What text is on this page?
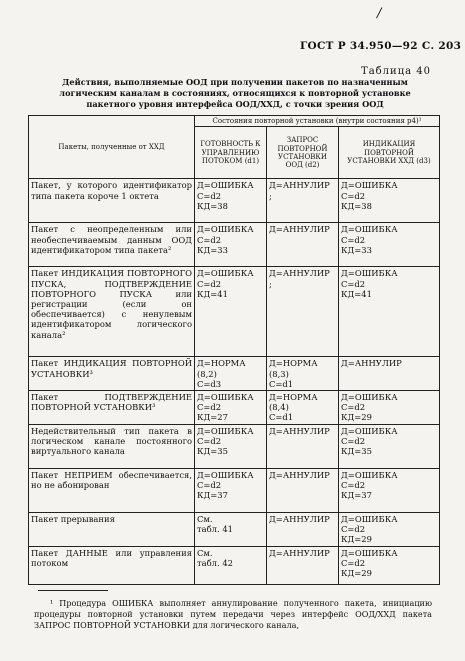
/
ГОСТ Р 34.950—92 С. 203
Таблица 40
Действия, выполняемые ООД при получении пакетов по назначенным логическим каналам в состояниях, относящихся к повторной установке пакетного уровня интерфейса ООД/ХХД, с точки зрения ООД
Пакеты, полученные от ХХД	Состояния повторной установки (внутри состояния p4)¹		
	ГОТОВНОСТЬ К УПРАВЛЕНИЮ ПОТОКОМ (d1)	ЗАПРОС ПОВТОРНОЙ УСТАНОВКИ ООД (d2)	ИНДИКАЦИЯ ПОВТОРНОЙ УСТАНОВКИ ХХД (d3)
Пакет, у которого идентификатор типа пакета короче 1 октета	Д=ОШИБКА
С=d2
КД=38	Д=АННУЛИР
;	Д=ОШИБКА
С=d2
КД=38

Пакет с неопределенным или необеспечиваемым данным ООД идентификатором типа пакета²	Д=ОШИБКА
С=d2
КД=33	Д=АННУЛИР	Д=ОШИБКА
С=d2
КД=33

Пакет ИНДИКАЦИЯ ПОВТОРНОГО ПУСКА, ПОДТВЕРЖДЕНИЕ ПОВТОРНОГО ПУСКА или регистрации (если он обеспечивается) с ненулевым идентификатором логического канала²	Д=ОШИБКА
С=d2
КД=41	Д=АННУЛИР
;	Д=ОШИБКА
С=d2
КД=41

Пакет ИНДИКАЦИЯ ПОВТОРНОЙ УСТАНОВКИ³	Д=НОРМА
(8,2)
С=d3	Д=НОРМА
(8,3)
С=d1	Д=АННУЛИР

Пакет ПОДТВЕРЖДЕНИЕ ПОВТОРНОЙ УСТАНОВКИ³	Д=ОШИБКА
С=d2
КД=27	Д=НОРМА
(8,4)
С=d1	Д=ОШИБКА
С=d2
КД=29

Недействительный тип пакета в логическом канале постоянного виртуального канала	Д=ОШИБКА
С=d2
КД=35	Д=АННУЛИР	Д=ОШИБКА
С=d2
КД=35

Пакет НЕПРИЕМ обеспечивается, но не абонирован	Д=ОШИБКА
С=d2
КД=37	Д=АННУЛИР	Д=ОШИБКА
С=d2
КД=37

Пакет прерывания	См.
табл. 41	Д=АННУЛИР	Д=ОШИБКА
С=d2
КД=29

Пакет ДАННЫЕ или управления потоком	См.
табл. 42	Д=АННУЛИР	Д=ОШИБКА
С=d2
КД=29
¹ Процедура ОШИБКА выполняет аннулирование полученного пакета, инициацию процедуры повторной установки путем передачи через интерфейс ООД/ХХД пакета ЗАПРОС ПОВТОРНОЙ УСТАНОВКИ для логического канала,
